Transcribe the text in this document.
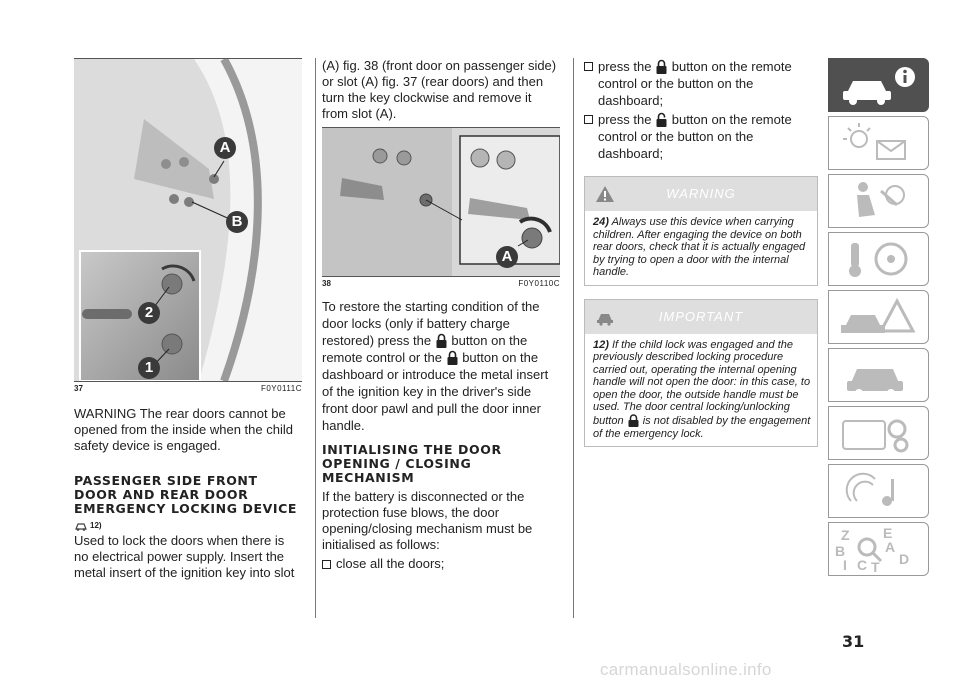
A
B
2
1
37	F0Y0111C

WARNING The rear doors cannot be opened from the inside when the child safety device is engaged.

PASSENGER SIDE FRONT DOOR AND REAR DOOR EMERGENCY LOCKING DEVICE
12)

Used to lock the doors when there is no electrical power supply. Insert the metal insert of the ignition key into slot

(A) fig. 38 (front door on passenger side) or slot (A) fig. 37 (rear doors) and then turn the key clockwise and remove it from slot (A).

A
38	F0Y0110C

To restore the starting condition of the door locks (only if battery charge restored) press the button on the remote control or the button on the dashboard or introduce the metal insert of the ignition key in the driver's side front door pawl and pull the door inner handle.

INITIALISING THE DOOR OPENING / CLOSING MECHANISM

If the battery is disconnected or the protection fuse blows, the door opening/closing mechanism must be initialised as follows:

close all the doors;

press the button on the remote control or the button on the dashboard;

press the button on the remote control or the button on the dashboard;

WARNING
24) Always use this device when carrying children. After engaging the device on both rear doors, check that it is actually engaged by trying to open a door with the internal handle.
IMPORTANT
12) If the child lock was engaged and the previously described locking procedure carried out, operating the internal opening handle will not open the door: in this case, to open the door, the outside handle must be used. The door central locking/unlocking button is not disabled by the engagement of the emergency lock.
Z E
B	A
I C T D
31
carmanualsonline.info
